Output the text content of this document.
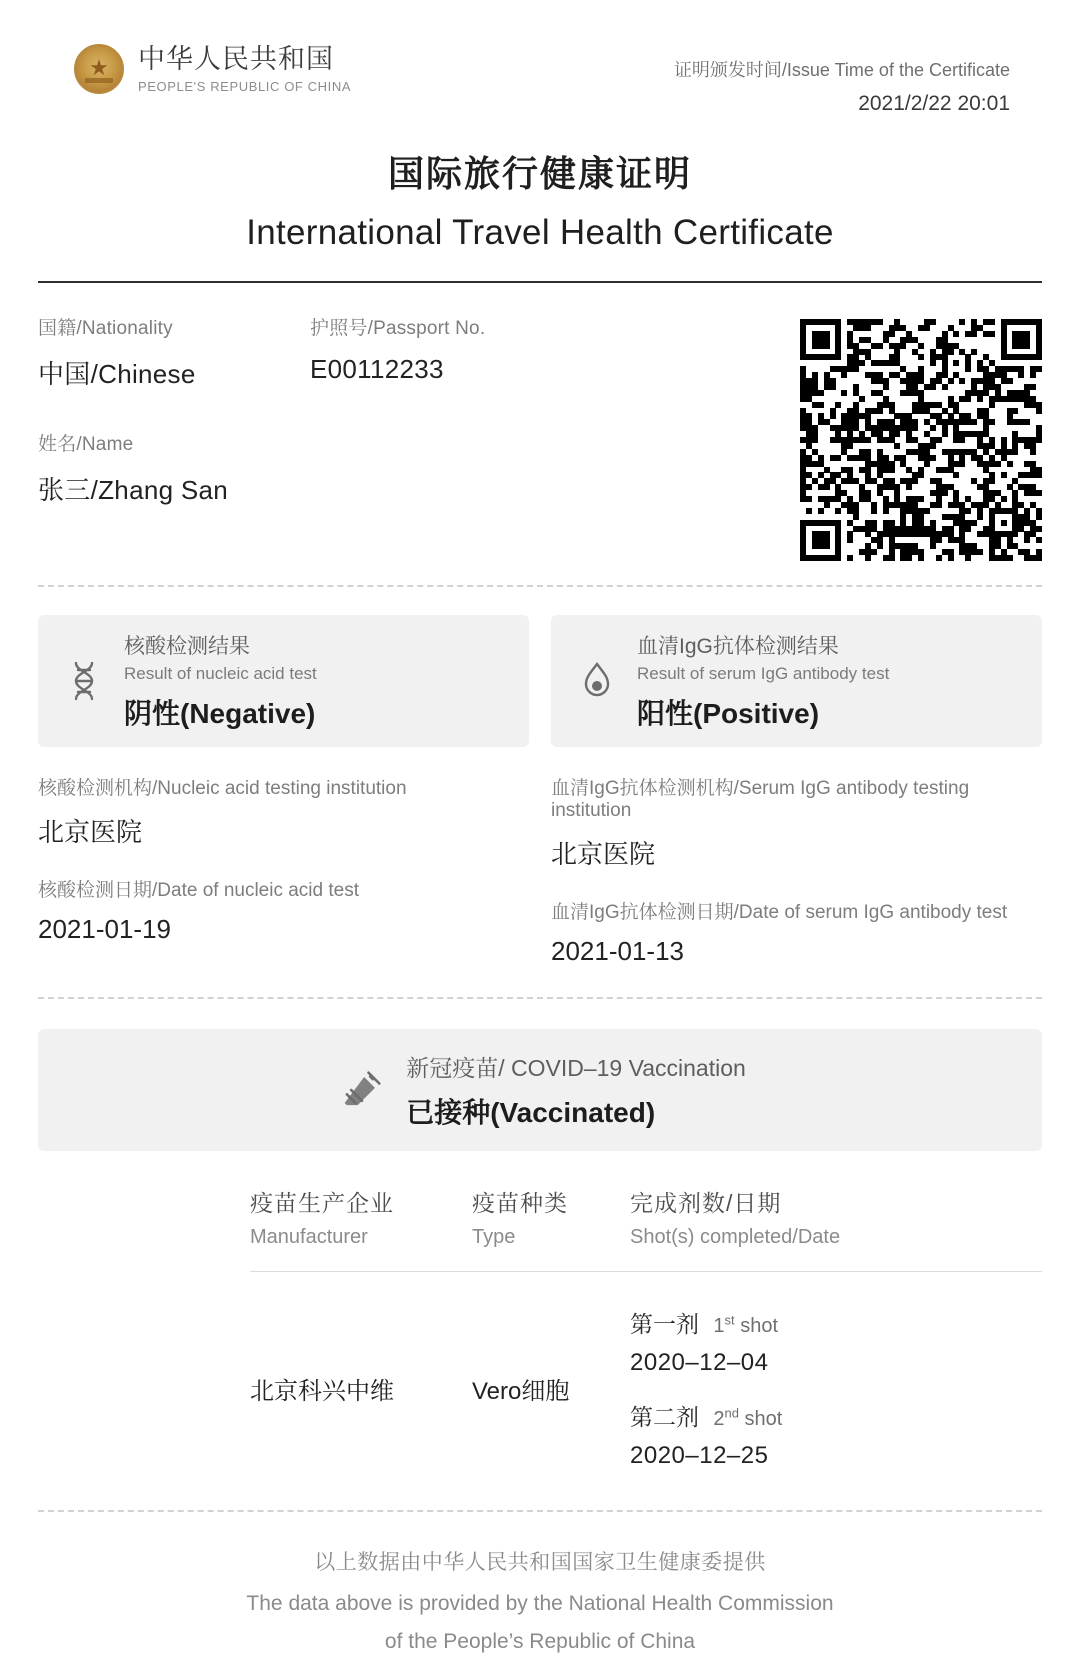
★
中华人民共和国
PEOPLE'S REPUBLIC OF CHINA
证明颁发时间/Issue Time of the Certificate
2021/2/22 20:01
国际旅行健康证明
International Travel Health Certificate
国籍/Nationality
中国/Chinese
护照号/Passport No.
E00112233
姓名/Name
张三/Zhang San
核酸检测结果
Result of nucleic acid test
阴性(Negative)
核酸检测机构/Nucleic acid testing institution
北京医院
核酸检测日期/Date of nucleic acid test
2021-01-19
血清IgG抗体检测结果
Result of serum IgG antibody test
阳性(Positive)
血清IgG抗体检测机构/Serum IgG antibody testing institution
北京医院
血清IgG抗体检测日期/Date of serum IgG antibody test
2021-01-13
新冠疫苗/ COVID–19 Vaccination
已接种(Vaccinated)
疫苗生产企业
Manufacturer
疫苗种类
Type
完成剂数/日期
Shot(s) completed/Date
北京科兴中维	Vero细胞
第一剂 1st shot
2020–12–04
第二剂 2nd shot
2020–12–25
以上数据由中华人民共和国国家卫生健康委提供
The data above is provided by the National Health Commission
of the People’s Republic of China
